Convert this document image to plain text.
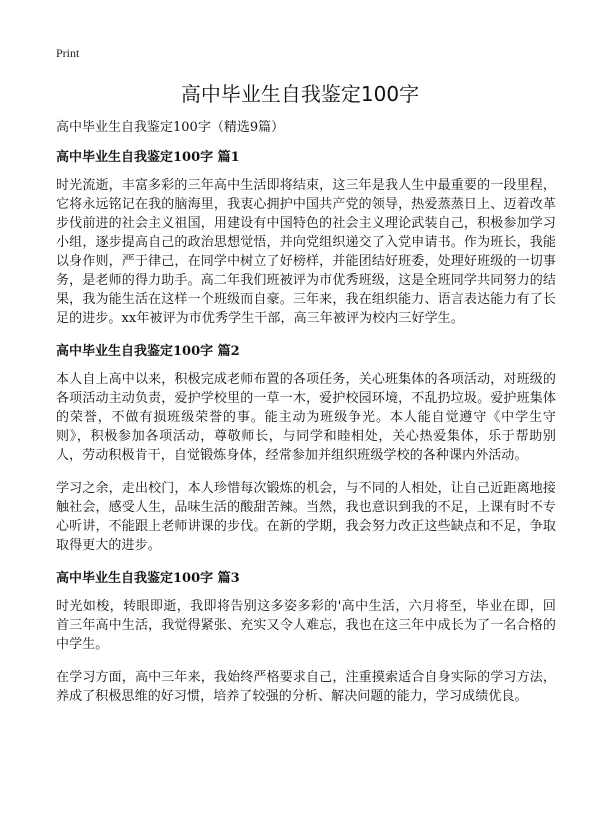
Print
高中毕业生自我鉴定100字

高中毕业生自我鉴定100字（精选9篇）

高中毕业生自我鉴定100字 篇1

时光流逝，丰富多彩的三年高中生活即将结束，这三年是我人生中最重要的一段里程，它将永远铭记在我的脑海里，我衷心拥护中国共产党的领导，热爱蒸蒸日上、迈着改革步伐前进的社会主义祖国，用建设有中国特色的社会主义理论武装自己，积极参加学习小组，逐步提高自己的政治思想觉悟，并向党组织递交了入党申请书。作为班长，我能以身作则，严于律己，在同学中树立了好榜样，并能团结好班委，处理好班级的一切事务，是老师的得力助手。高二年我们班被评为市优秀班级，这是全班同学共同努力的结果，我为能生活在这样一个班级而自豪。三年来，我在组织能力、语言表达能力有了长足的进步。xx年被评为市优秀学生干部，高三年被评为校内三好学生。

高中毕业生自我鉴定100字 篇2

本人自上高中以来，积极完成老师布置的各项任务，关心班集体的各项活动，对班级的各项活动主动负责，爱护学校里的一草一木，爱护校园环境，不乱扔垃圾。爱护班集体的荣誉，不做有损班级荣誉的事。能主动为班级争光。本人能自觉遵守《中学生守则》，积极参加各项活动，尊敬师长，与同学和睦相处，关心热爱集体，乐于帮助别人，劳动积极肯干，自觉锻炼身体，经常参加并组织班级学校的各种课内外活动。

学习之余，走出校门，本人珍惜每次锻炼的机会，与不同的人相处，让自己近距离地接触社会，感受人生，品味生活的酸甜苦辣。当然，我也意识到我的不足，上课有时不专心听讲，不能跟上老师讲课的步伐。在新的学期，我会努力改正这些缺点和不足，争取取得更大的进步。

高中毕业生自我鉴定100字 篇3

时光如梭，转眼即逝，我即将告别这多姿多彩的'高中生活，六月将至，毕业在即，回首三年高中生活，我觉得紧张、充实又令人难忘，我也在这三年中成长为了一名合格的中学生。

在学习方面，高中三年来，我始终严格要求自己，注重摸索适合自身实际的学习方法，养成了积极思维的好习惯，培养了较强的分析、解决问题的能力，学习成绩优良。
